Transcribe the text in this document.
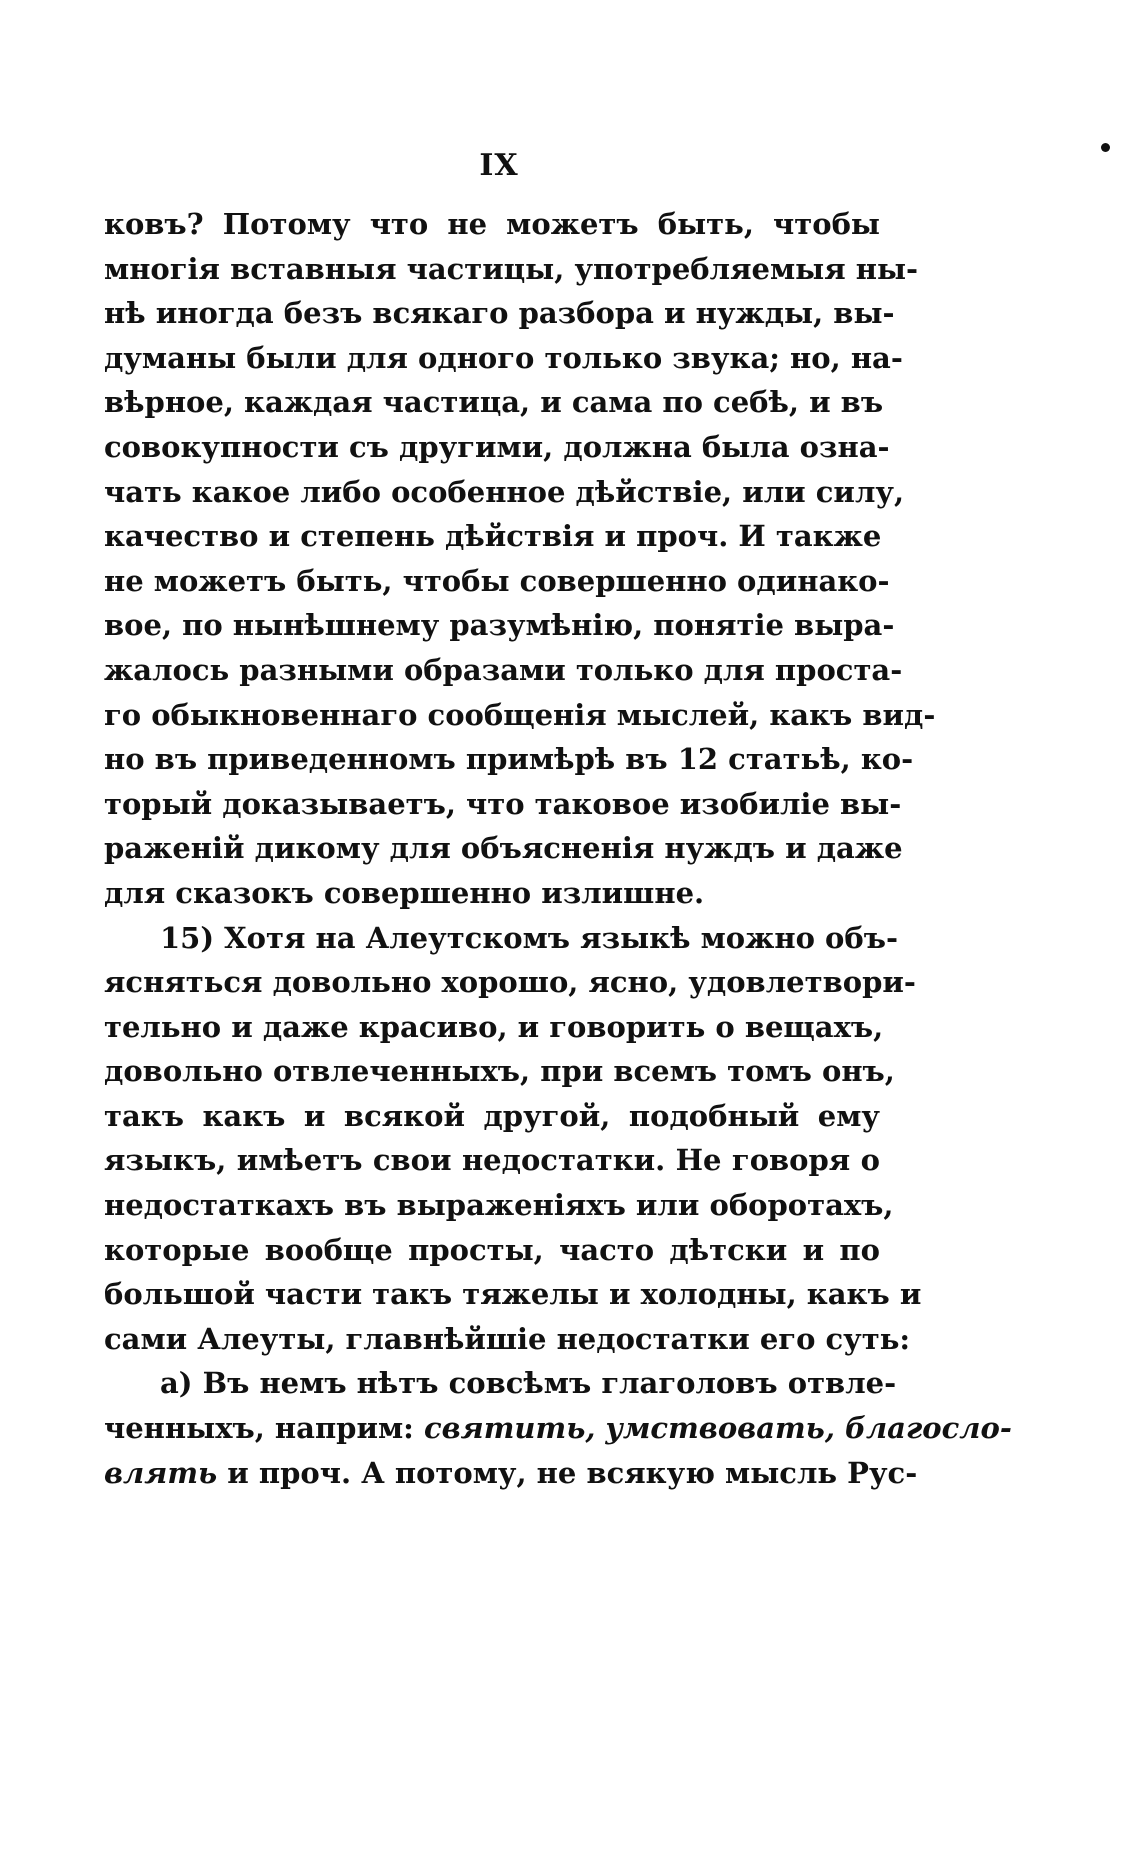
IX
ковъ? Потому что не можетъ быть, чтобы
многія вставныя частицы, употребляемыя ны-
нѣ иногда безъ всякаго разбора и нужды, вы-
думаны были для одного только звука; но, на-
вѣрное, каждая частица, и сама по себѣ, и въ
совокупности съ другими, должна была озна-
чать какое либо особенное дѣйствіе, или силу,
качество и степень дѣйствія и проч. И также
не можетъ быть, чтобы совершенно одинако-
вое, по нынѣшнему разумѣнію, понятіе выра-
жалось разными образами только для проста-
го обыкновеннаго сообщенія мыслей, какъ вид-
но въ приведенномъ примѣрѣ въ 12 статьѣ, ко-
торый доказываетъ, что таковое изобиліе вы-
раженій дикому для объясненія нуждъ и даже
для сказокъ совершенно излишне.
15) Хотя на Алеутскомъ языкѣ можно объ-
ясняться довольно хорошо, ясно, удовлетвори-
тельно и даже красиво, и говорить о вещахъ,
довольно отвлеченныхъ, при всемъ томъ онъ,
такъ какъ и всякой другой, подобный ему
языкъ, имѣетъ свои недостатки. Не говоря о
недостаткахъ въ выраженіяхъ или оборотахъ,
которые вообще просты, часто дѣтски и по
большой части такъ тяжелы и холодны, какъ и
сами Алеуты, главнѣйшіе недостатки его суть:
а) Въ немъ нѣтъ совсѣмъ глаголовъ отвле-
ченныхъ, наприм: святить, умствовать, благосло-
влять и проч. А потому, не всякую мысль Рус-
